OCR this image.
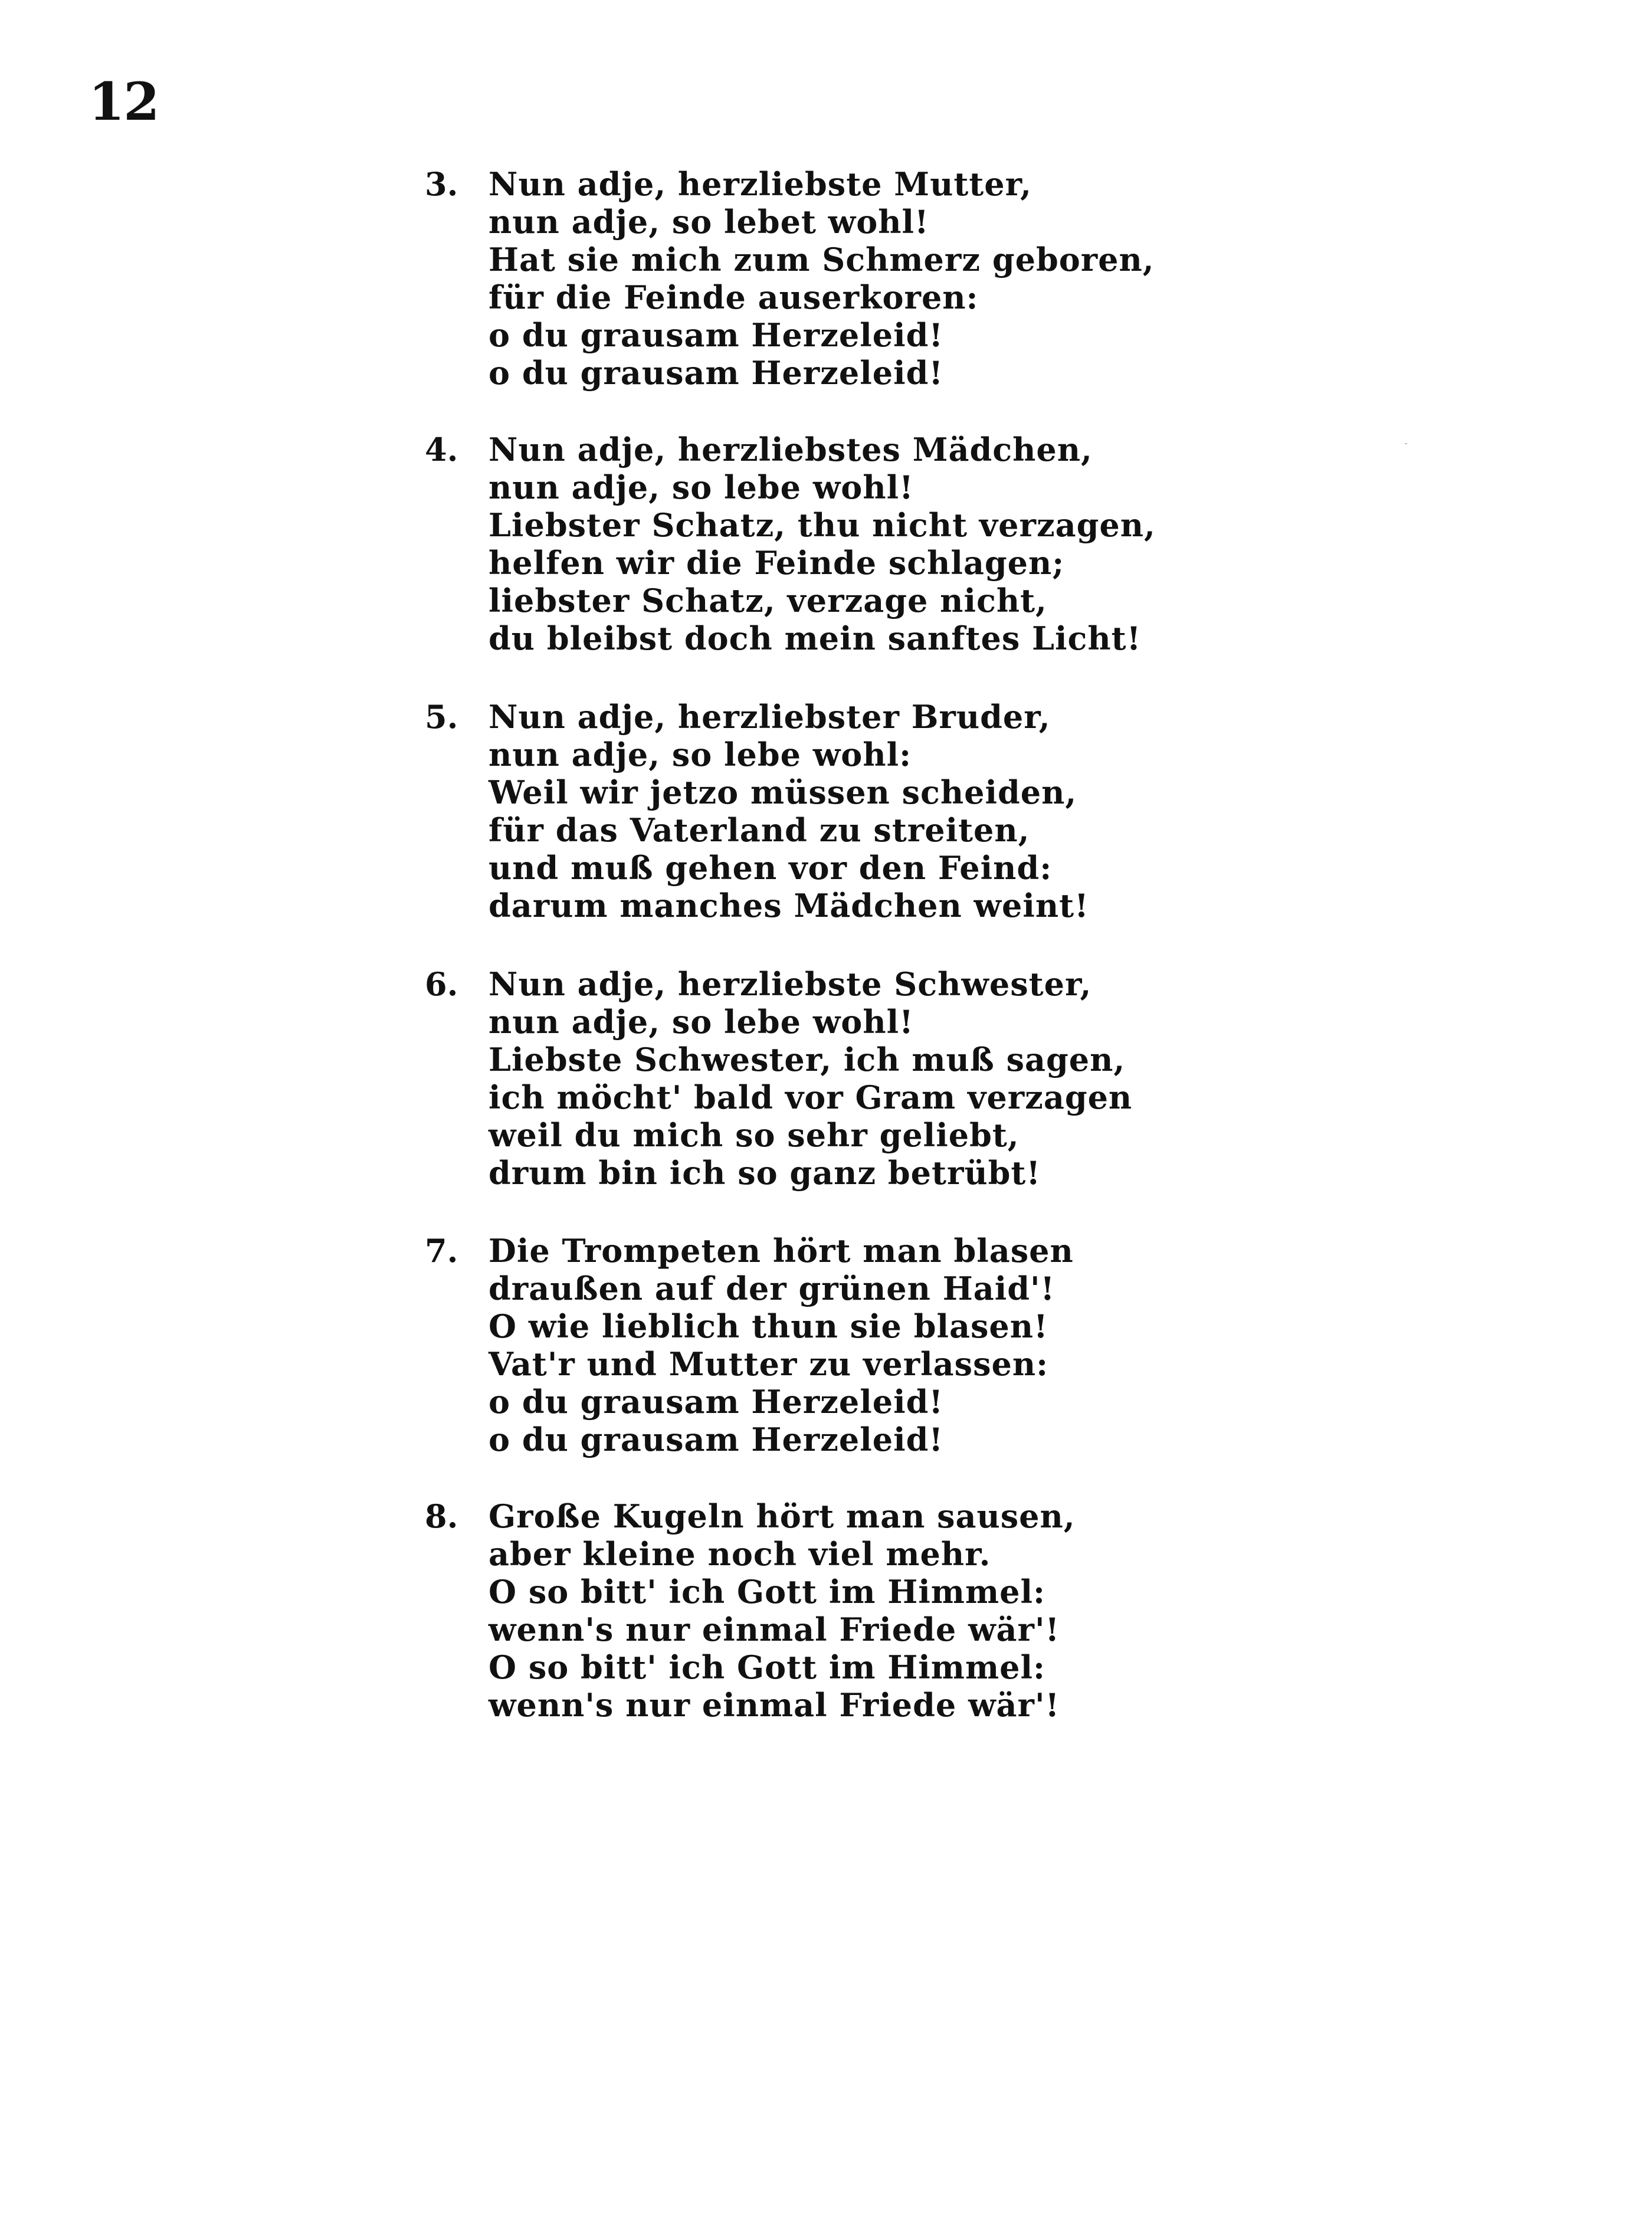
12
3. Nun adje, herzliebste Mutter,
nun adje, so lebet wohl!
Hat sie mich zum Schmerz geboren,
für die Feinde auserkoren:
o du grausam Herzeleid!
o du grausam Herzeleid!
4. Nun adje, herzliebstes Mädchen,
nun adje, so lebe wohl!
Liebster Schatz, thu nicht verzagen,
helfen wir die Feinde schlagen;
liebster Schatz, verzage nicht,
du bleibst doch mein sanftes Licht!
5. Nun adje, herzliebster Bruder,
nun adje, so lebe wohl:
Weil wir jetzo müssen scheiden,
für das Vaterland zu streiten,
und muß gehen vor den Feind:
darum manches Mädchen weint!
6. Nun adje, herzliebste Schwester,
nun adje, so lebe wohl!
Liebste Schwester, ich muß sagen,
ich möcht' bald vor Gram verzagen
weil du mich so sehr geliebt,
drum bin ich so ganz betrübt!
7. Die Trompeten hört man blasen
draußen auf der grünen Haid'!
O wie lieblich thun sie blasen!
Vat'r und Mutter zu verlassen:
o du grausam Herzeleid!
o du grausam Herzeleid!
8. Große Kugeln hört man sausen,
aber kleine noch viel mehr.
O so bitt' ich Gott im Himmel:
wenn's nur einmal Friede wär'!
O so bitt' ich Gott im Himmel:
wenn's nur einmal Friede wär'!
